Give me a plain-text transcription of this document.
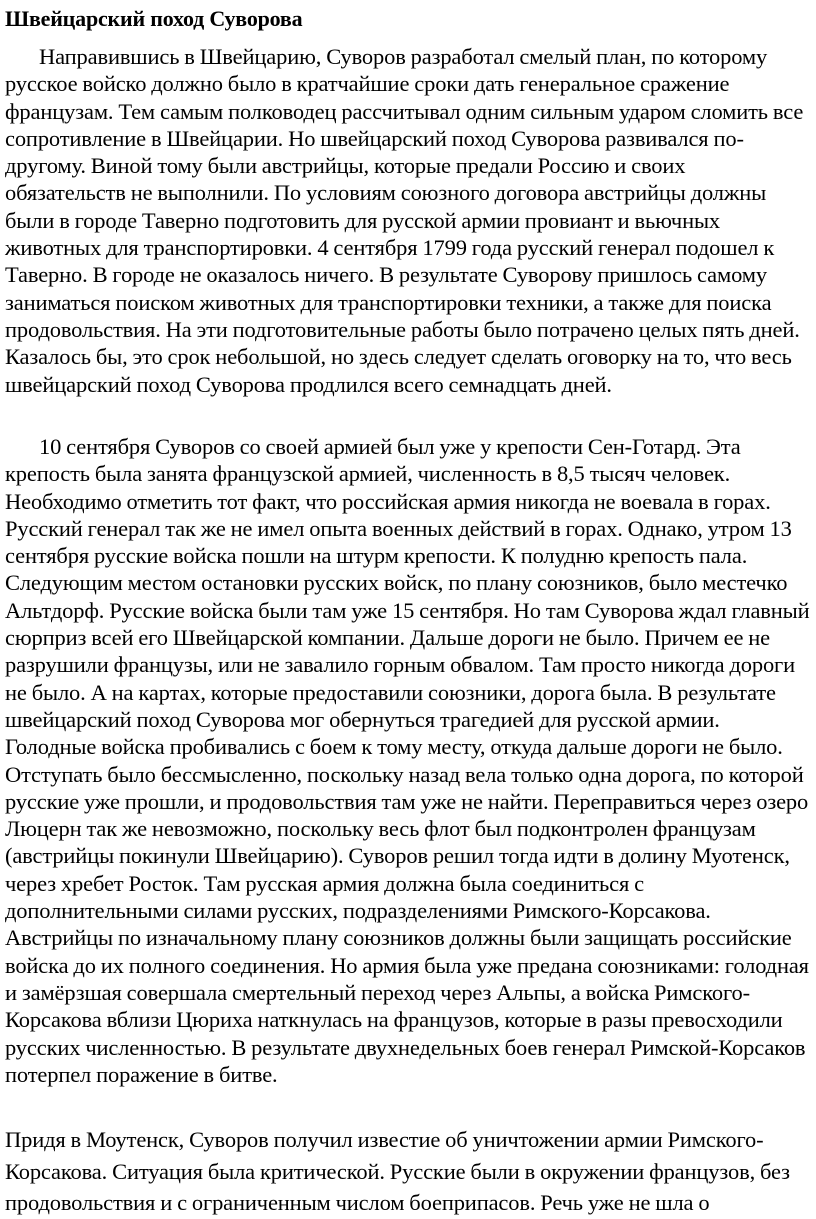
Швейцарский поход Суворова

Направившись в Швейцарию, Суворов разработал смелый план, по которому русское войско должно было в кратчайшие сроки дать генеральное сражение французам. Тем самым полководец рассчитывал одним сильным ударом сломить все сопротивление в Швейцарии. Но швейцарский поход Суворова развивался по-другому. Виной тому были австрийцы, которые предали Россию и своих обязательств не выполнили. По условиям союзного договора австрийцы должны были в городе Таверно подготовить для русской армии провиант и вьючных животных для транспортировки. 4 сентября 1799 года русский генерал подошел к Таверно. В городе не оказалось ничего. В результате Суворову пришлось самому заниматься поиском животных для транспортировки техники, а также для поиска продовольствия. На эти подготовительные работы было потрачено целых пять дней. Казалось бы, это срок небольшой, но здесь следует сделать оговорку на то, что весь швейцарский поход Суворова продлился всего семнадцать дней.

10 сентября Суворов со своей армией был уже у крепости Сен-Готард. Эта крепость была занята французской армией, численность в 8,5 тысяч человек. Необходимо отметить тот факт, что российская армия никогда не воевала в горах. Русский генерал так же не имел опыта военных действий в горах. Однако, утром 13 сентября русские войска пошли на штурм крепости. К полудню крепость пала. Следующим местом остановки русских войск, по плану союзников, было местечко Альтдорф. Русские войска были там уже 15 сентября. Но там Суворова ждал главный сюрприз всей его Швейцарской компании. Дальше дороги не было. Причем ее не разрушили французы, или не завалило горным обвалом. Там просто никогда дороги не было. А на картах, которые предоставили союзники, дорога была. В результате швейцарский поход Суворова мог обернуться трагедией для русской армии. Голодные войска пробивались с боем к тому месту, откуда дальше дороги не было. Отступать было бессмысленно, поскольку назад вела только одна дорога, по которой русские уже прошли, и продовольствия там уже не найти. Переправиться через озеро Люцерн так же невозможно, поскольку весь флот был подконтролен французам (австрийцы покинули Швейцарию). Суворов решил тогда идти в долину Муотенск, через хребет Росток. Там русская армия должна была соединиться с дополнительными силами русских, подразделениями Римского-Корсакова. Австрийцы по изначальному плану союзников должны были защищать российские войска до их полного соединения. Но армия была уже предана союзниками: голодная и замёрзшая совершала смертельный переход через Альпы, а войска Римского-Корсакова вблизи Цюриха наткнулась на французов, которые в разы превосходили русских численностью. В результате двухнедельных боев генерал Римской-Корсаков потерпел поражение в битве.

Придя в Моутенск, Суворов получил известие об уничтожении армии Римского-Корсакова. Ситуация была критической. Русские были в окружении французов, без продовольствия и с ограниченным числом боеприпасов. Речь уже не шла о
